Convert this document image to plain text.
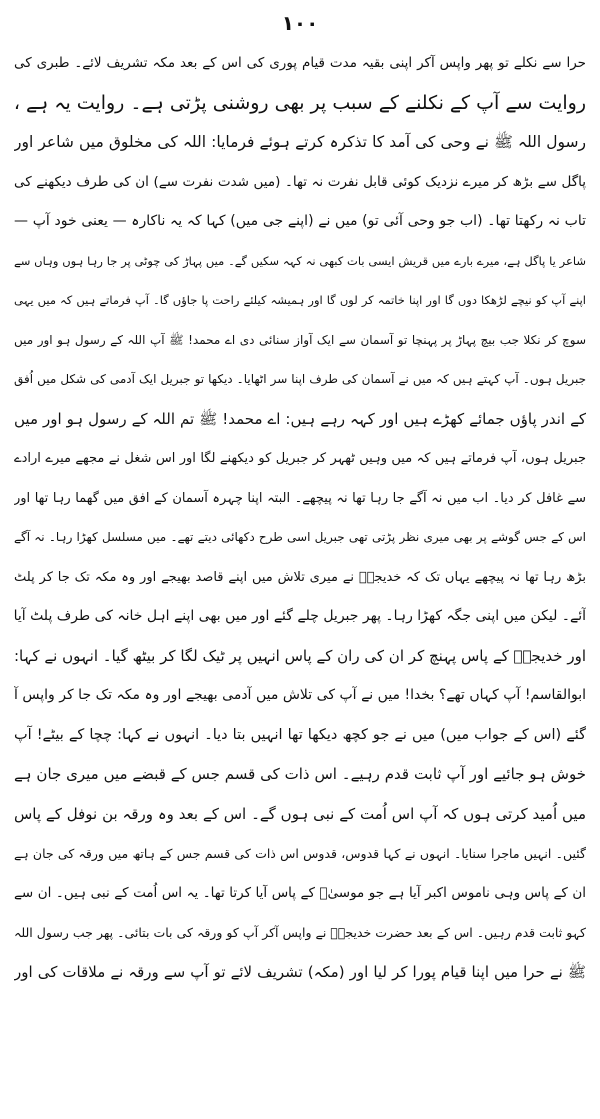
۱۰۰
حرا سے نکلے تو پھر واپس آکر اپنی بقیہ مدت قیام پوری کی اس کے بعد مکہ تشریف لائے۔ طبری کی
روایت سے آپ کے نکلنے کے سبب پر بھی روشنی پڑتی ہے۔ روایت یہ ہے ،
رسول اللہ ﷺ نے وحی کی آمد کا تذکرہ کرتے ہوئے فرمایا: اللہ کی مخلوق میں شاعر اور
پاگل سے بڑھ کر میرے نزدیک کوئی قابل نفرت نہ تھا۔ (میں شدت نفرت سے) ان کی طرف دیکھنے کی
تاب نہ رکھتا تھا۔ (اب جو وحی آئی تو) میں نے (اپنے جی میں) کہا کہ یہ ناکارہ — یعنی خود آپ —
شاعر یا پاگل ہے، میرے بارے میں قریش ایسی بات کبھی نہ کہہ سکیں گے۔ میں پہاڑ کی چوٹی پر جا رہا ہوں وہاں سے
اپنے آپ کو نیچے لڑھکا دوں گا اور اپنا خاتمہ کر لوں گا اور ہمیشہ کیلئے راحت پا جاؤں گا۔ آپ فرماتے ہیں کہ میں یہی
سوچ کر نکلا جب بیچ پہاڑ پر پہنچا تو آسمان سے ایک آواز سنائی دی اے محمد! ﷺ آپ اللہ کے رسول ہو اور میں
جبریل ہوں۔ آپ کہتے ہیں کہ میں نے آسمان کی طرف اپنا سر اٹھایا۔ دیکھا تو جبریل ایک آدمی کی شکل میں اُفق
کے اندر پاؤں جمائے کھڑے ہیں اور کہہ رہے ہیں: اے محمد! ﷺ تم اللہ کے رسول ہو اور میں
جبریل ہوں، آپ فرماتے ہیں کہ میں وہیں ٹھہر کر جبریل کو دیکھنے لگا اور اس شغل نے مجھے میرے ارادے
سے غافل کر دیا۔ اب میں نہ آگے جا رہا تھا نہ پیچھے۔ البتہ اپنا چہرہ آسمان کے افق میں گھما رہا تھا اور
اس کے جس گوشے پر بھی میری نظر پڑتی تھی جبریل اسی طرح دکھائی دیتے تھے۔ میں مسلسل کھڑا رہا۔ نہ آگے
بڑھ رہا تھا نہ پیچھے یہاں تک کہ خدیجہؓ نے میری تلاش میں اپنے قاصد بھیجے اور وہ مکہ تک جا کر پلٹ
آئے۔ لیکن میں اپنی جگہ کھڑا رہا۔ پھر جبریل چلے گئے اور میں بھی اپنے اہل خانہ کی طرف پلٹ آیا
اور خدیجہؓ کے پاس پہنچ کر ان کی ران کے پاس انہیں پر ٹیک لگا کر بیٹھ گیا۔ انہوں نے کہا:
ابوالقاسم! آپ کہاں تھے؟ بخدا! میں نے آپ کی تلاش میں آدمی بھیجے اور وہ مکہ تک جا کر واپس آ
گئے (اس کے جواب میں) میں نے جو کچھ دیکھا تھا انہیں بتا دیا۔ انہوں نے کہا: چچا کے بیٹے! آپ
خوش ہو جائیے اور آپ ثابت قدم رہیے۔ اس ذات کی قسم جس کے قبضے میں میری جان ہے
میں اُمید کرتی ہوں کہ آپ اس اُمت کے نبی ہوں گے۔ اس کے بعد وہ ورقہ بن نوفل کے پاس
گئیں۔ انہیں ماجرا سنایا۔ انہوں نے کہا قدوس، قدوس اس ذات کی قسم جس کے ہاتھ میں ورقہ کی جان ہے
ان کے پاس وہی ناموس اکبر آیا ہے جو موسیٰؑ کے پاس آیا کرتا تھا۔ یہ اس اُمت کے نبی ہیں۔ ان سے
کہو ثابت قدم رہیں۔ اس کے بعد حضرت خدیجہؓ نے واپس آکر آپ کو ورقہ کی بات بتائی۔ پھر جب رسول اللہ
ﷺ نے حرا میں اپنا قیام پورا کر لیا اور (مکہ) تشریف لائے تو آپ سے ورقہ نے ملاقات کی اور
